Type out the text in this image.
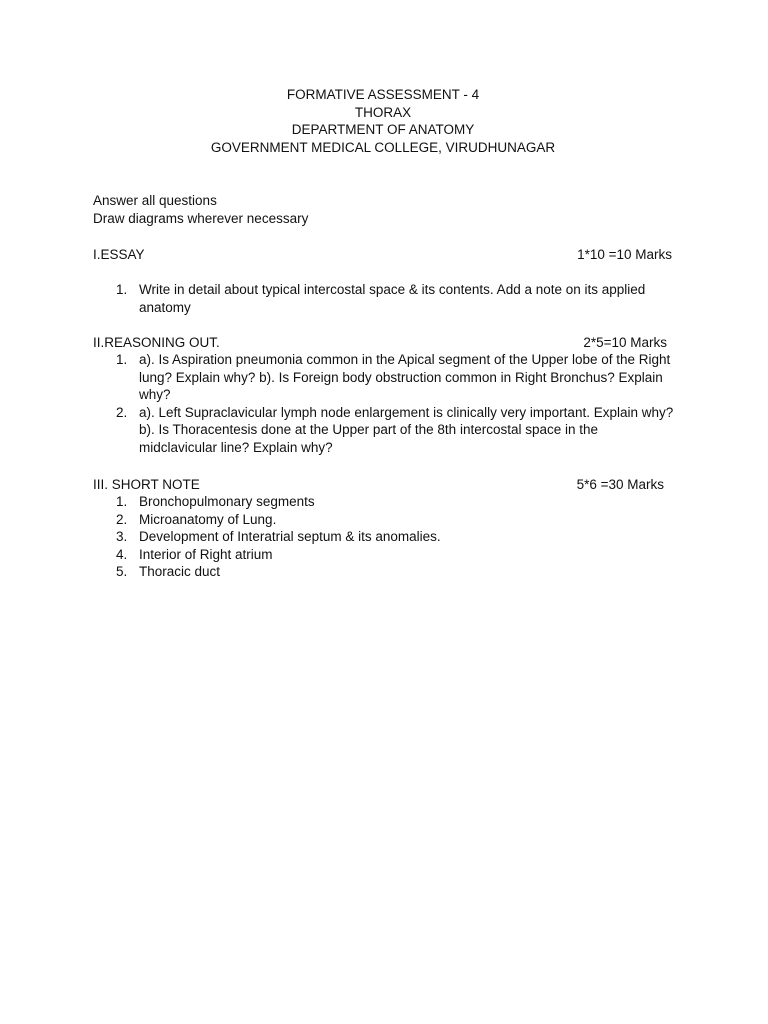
FORMATIVE ASSESSMENT - 4
THORAX
DEPARTMENT OF ANATOMY
GOVERNMENT MEDICAL COLLEGE, VIRUDHUNAGAR
Answer all questions
Draw diagrams wherever necessary
I.ESSAY	1*10 =10 Marks
1. Write in detail about typical intercostal space & its contents. Add a note on its applied anatomy
II.REASONING OUT.	2*5=10 Marks
1. a). Is Aspiration pneumonia common in the Apical segment of the Upper lobe of the Right lung? Explain why? b). Is Foreign body obstruction common in Right Bronchus? Explain why?
2. a). Left Supraclavicular lymph node enlargement is clinically very important. Explain why? b). Is Thoracentesis done at the Upper part of the 8th intercostal space in the midclavicular line? Explain why?
III. SHORT NOTE	5*6 =30 Marks
1. Bronchopulmonary segments
2. Microanatomy of Lung.
3. Development of Interatrial septum & its anomalies.
4. Interior of Right atrium
5. Thoracic duct
